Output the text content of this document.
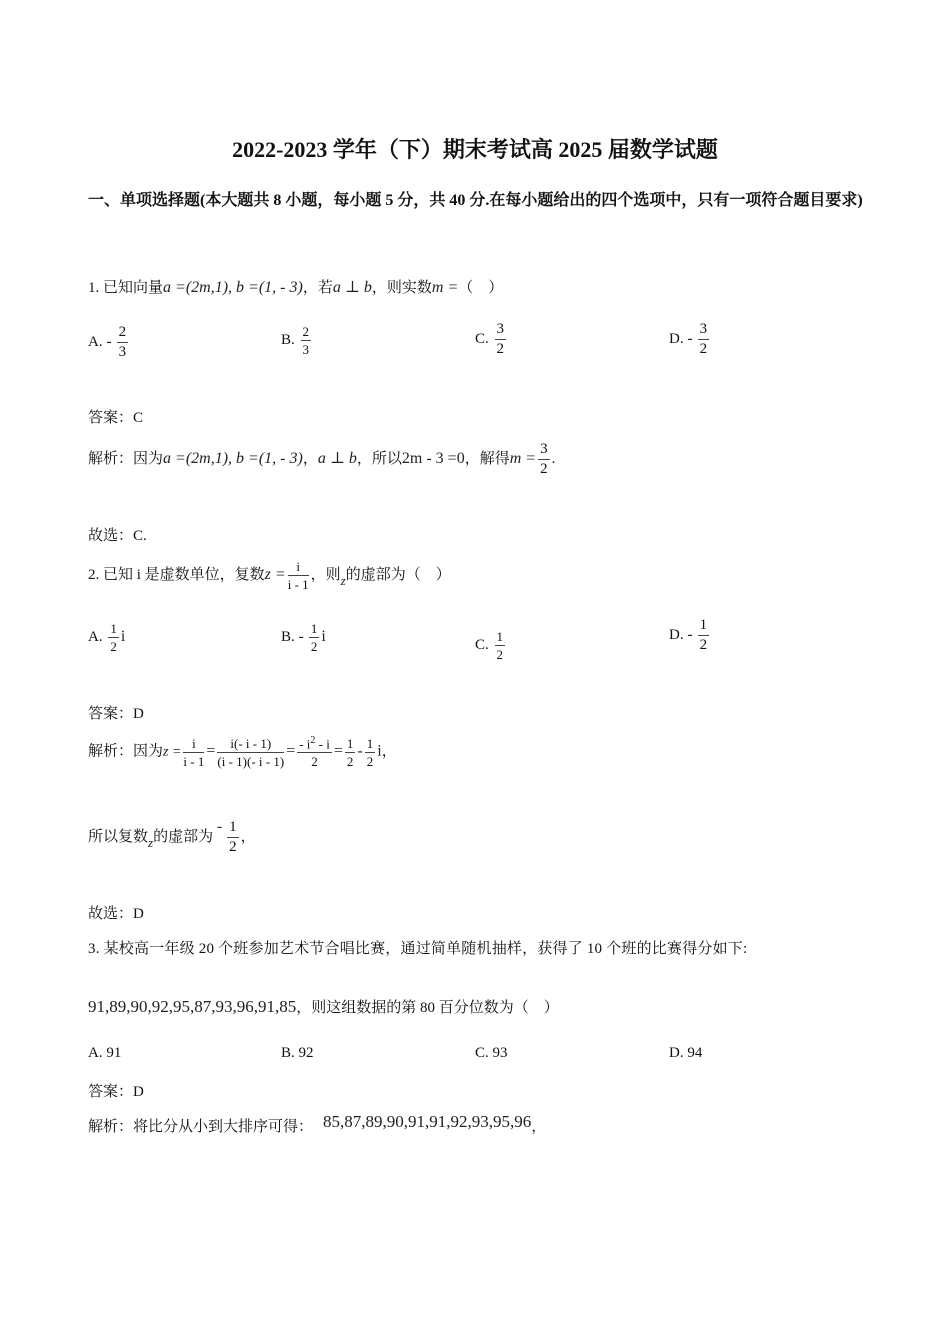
2022-2023 学年（下）期末考试高 2025 届数学试题
一、单项选择题(本大题共 8 小题，每小题 5 分，共 40 分.在每小题给出的四个选项中，只有一项符合题目要求)
1. 已知向量a =(2m,1), b =(1, - 3)，若a ⊥ b，则实数m =（　）
A. - $\frac{2}{3}$	B. $\frac{2}{3}$	C. $\frac{3}{2}$	D. - $\frac{3}{2}$
答案：C
解析：因为a =(2m,1), b =(1, - 3)，a ⊥ b，所以2m - 3 =0，解得$m = \frac{3}{2}$ .
故选：C.
2. 已知 i 是虚数单位，复数$z = \frac{i}{i - 1}$ ，则z的虚部为（　）
A. $\frac{1}{2}$ i	B. - $\frac{1}{2}$ i	C. $\frac{1}{2}$	D. - $\frac{1}{2}$
答案：D
解析：因为$z = \frac{i}{i - 1} = \frac{i(- i - 1)}{(i - 1)(- i - 1)} = \frac{- i^2 - i}{2} = \frac{1}{2} - \frac{1}{2}$ i，
所以复数z的虚部为 - $\frac{1}{2}$ ，
故选：D
3. 某校高一年级 20 个班参加艺术节合唱比赛，通过简单随机抽样，获得了 10 个班的比赛得分如下:
91,89,90,92,95,87,93,96,91,85，则这组数据的第 80 百分位数为（　）
A. 91	B. 92	C. 93	D. 94
答案：D
解析：将比分从小到大排序可得： 85,87,89,90,91,91,92,93,95,96，
